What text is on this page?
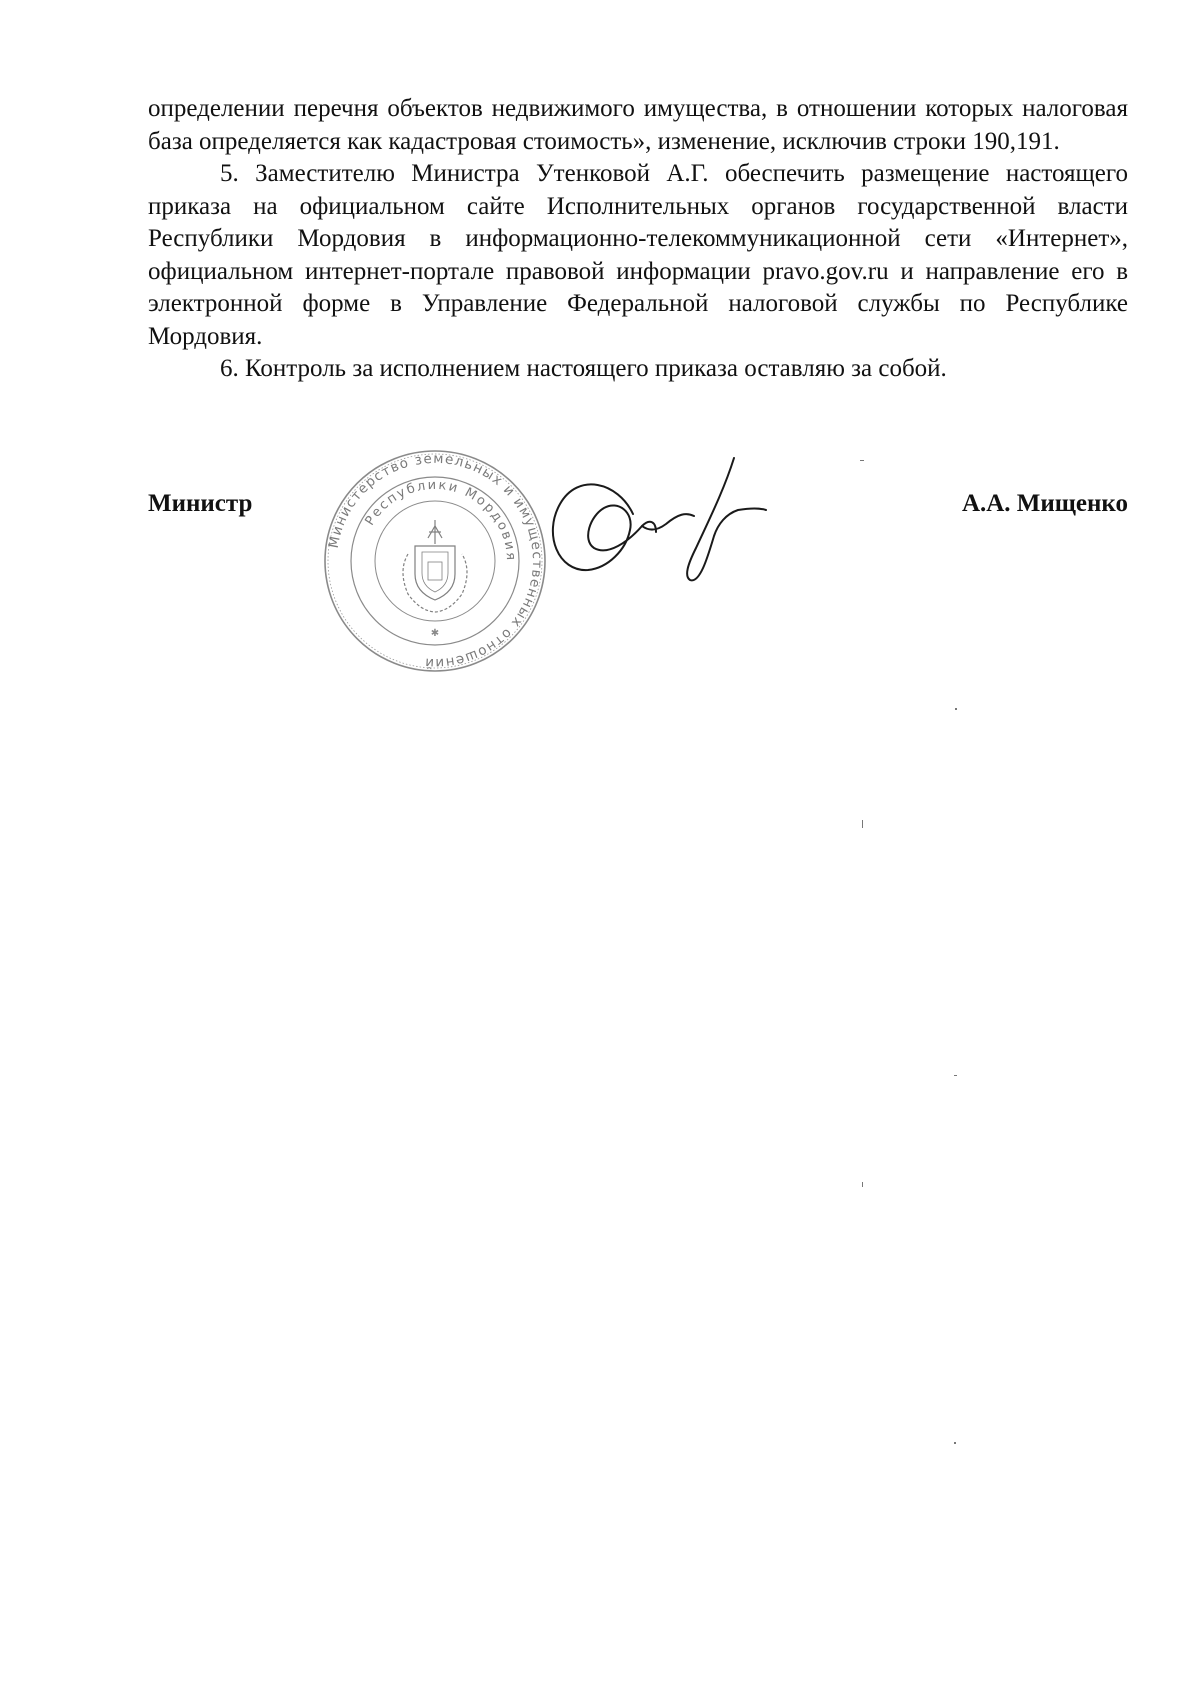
определении перечня объектов недвижимого имущества, в отношении которых налоговая база определяется как кадастровая стоимость», изменение, исключив строки 190,191.

5. Заместителю Министра Утенковой А.Г. обеспечить размещение настоящего приказа на официальном сайте Исполнительных органов государственной власти Республики Мордовия в информационно-телекоммуникационной сети «Интернет», официальном интернет-портале правовой информации pravo.gov.ru и направление его в электронной форме в Управление Федеральной налоговой службы по Республике Мордовия.

6. Контроль за исполнением настоящего приказа оставляю за собой.

Министерство земельных и имущественных отношений
Республики Мордовия
✱
Министр	А.А. Мищенко
